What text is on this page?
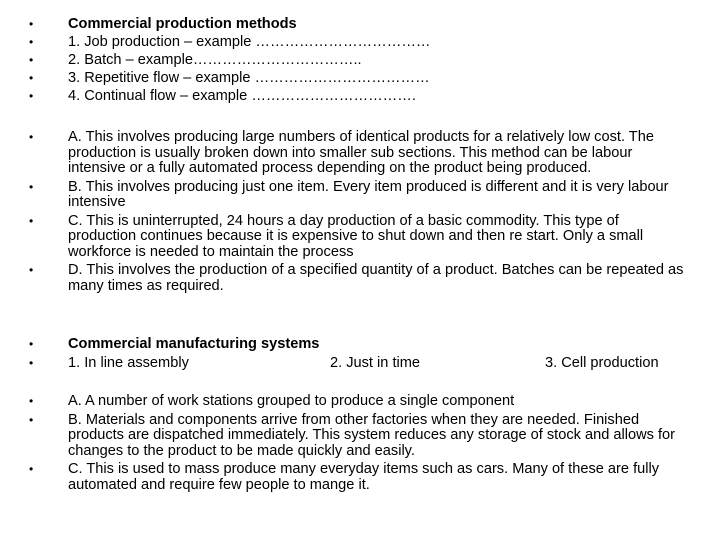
•	Commercial production methods
•	1. Job production – example ………………………………
•	2. Batch – example……………………………..
•	3. Repetitive flow – example ………………………………
•	4. Continual flow – example …………………………….
•	A. This involves producing large numbers of identical products for a relatively low cost. The production is usually broken down into smaller sub sections. This method can be labour intensive or a fully automated process depending on the product being produced.
•	B. This involves producing just one item. Every item produced is different and it is very labour intensive
•	C. This is uninterrupted, 24 hours a day production of a basic commodity. This type of production continues because it is expensive to shut down and then re start. Only a small workforce is needed to maintain the process
•	D. This involves the production of a specified quantity of a product. Batches can be repeated as many times as required.
•	Commercial manufacturing systems
•	1. In line assembly	2. Just in time	3. Cell production
•	A. A number of work stations grouped to produce a single component
•	B. Materials and components arrive from other factories when they are needed. Finished products are dispatched immediately. This system reduces any storage of stock and allows for changes to the product to be made quickly and easily.
•	C. This is used to mass produce many everyday items such as cars. Many of these are fully automated and require few people to mange it.
